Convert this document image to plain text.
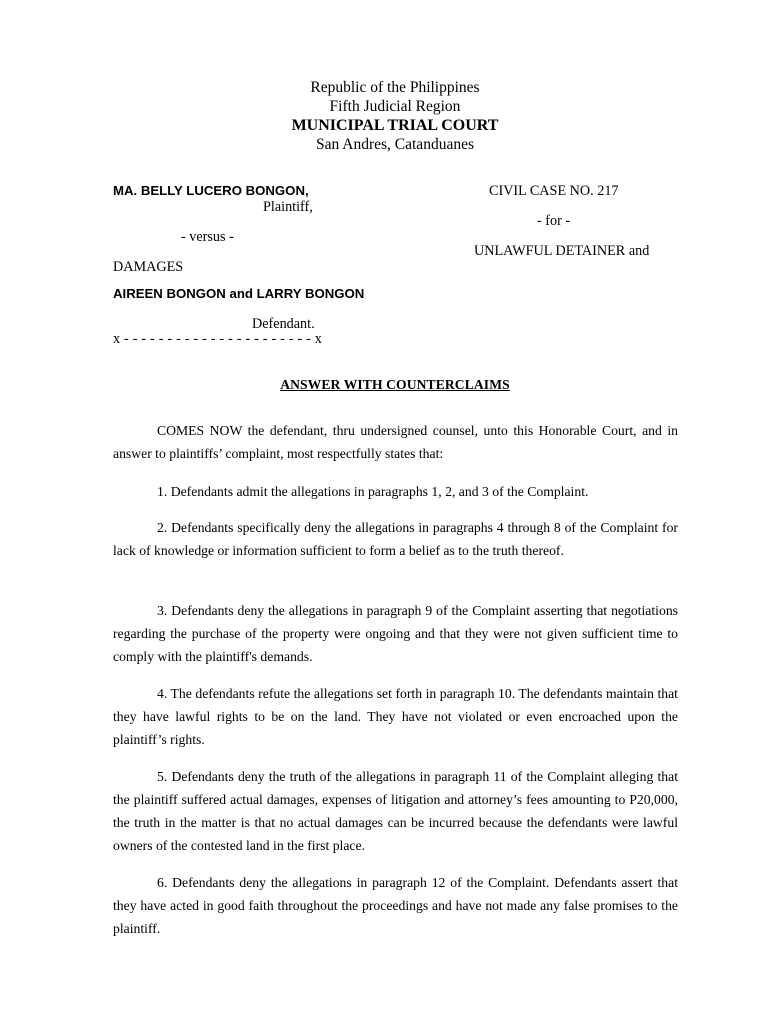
Republic of the Philippines
Fifth Judicial Region
MUNICIPAL TRIAL COURT
San Andres, Catanduanes
MA. BELLY LUCERO BONGON,
Plaintiff,
- versus -
DAMAGES
AIREEN BONGON and LARRY BONGON
Defendant.
x - - - - - - - - - - - - - - - - - - - - - - x
CIVIL CASE NO. 217
- for -
UNLAWFUL DETAINER and
ANSWER WITH COUNTERCLAIMS
COMES NOW the defendant, thru undersigned counsel, unto this Honorable Court, and in answer to plaintiffs’ complaint, most respectfully states that:
1. Defendants admit the allegations in paragraphs 1, 2, and 3 of the Complaint.
2. Defendants specifically deny the allegations in paragraphs 4 through 8 of the Complaint for lack of knowledge or information sufficient to form a belief as to the truth thereof.
3. Defendants deny the allegations in paragraph 9 of the Complaint asserting that negotiations regarding the purchase of the property were ongoing and that they were not given sufficient time to comply with the plaintiff's demands.
4. The defendants refute the allegations set forth in paragraph 10. The defendants maintain that they have lawful rights to be on the land. They have not violated or even encroached upon the plaintiff’s rights.
5. Defendants deny the truth of the allegations in paragraph 11 of the Complaint alleging that the plaintiff suffered actual damages, expenses of litigation and attorney’s fees amounting to P20,000, the truth in the matter is that no actual damages can be incurred because the defendants were lawful owners of the contested land in the first place.
6. Defendants deny the allegations in paragraph 12 of the Complaint. Defendants assert that they have acted in good faith throughout the proceedings and have not made any false promises to the plaintiff.
